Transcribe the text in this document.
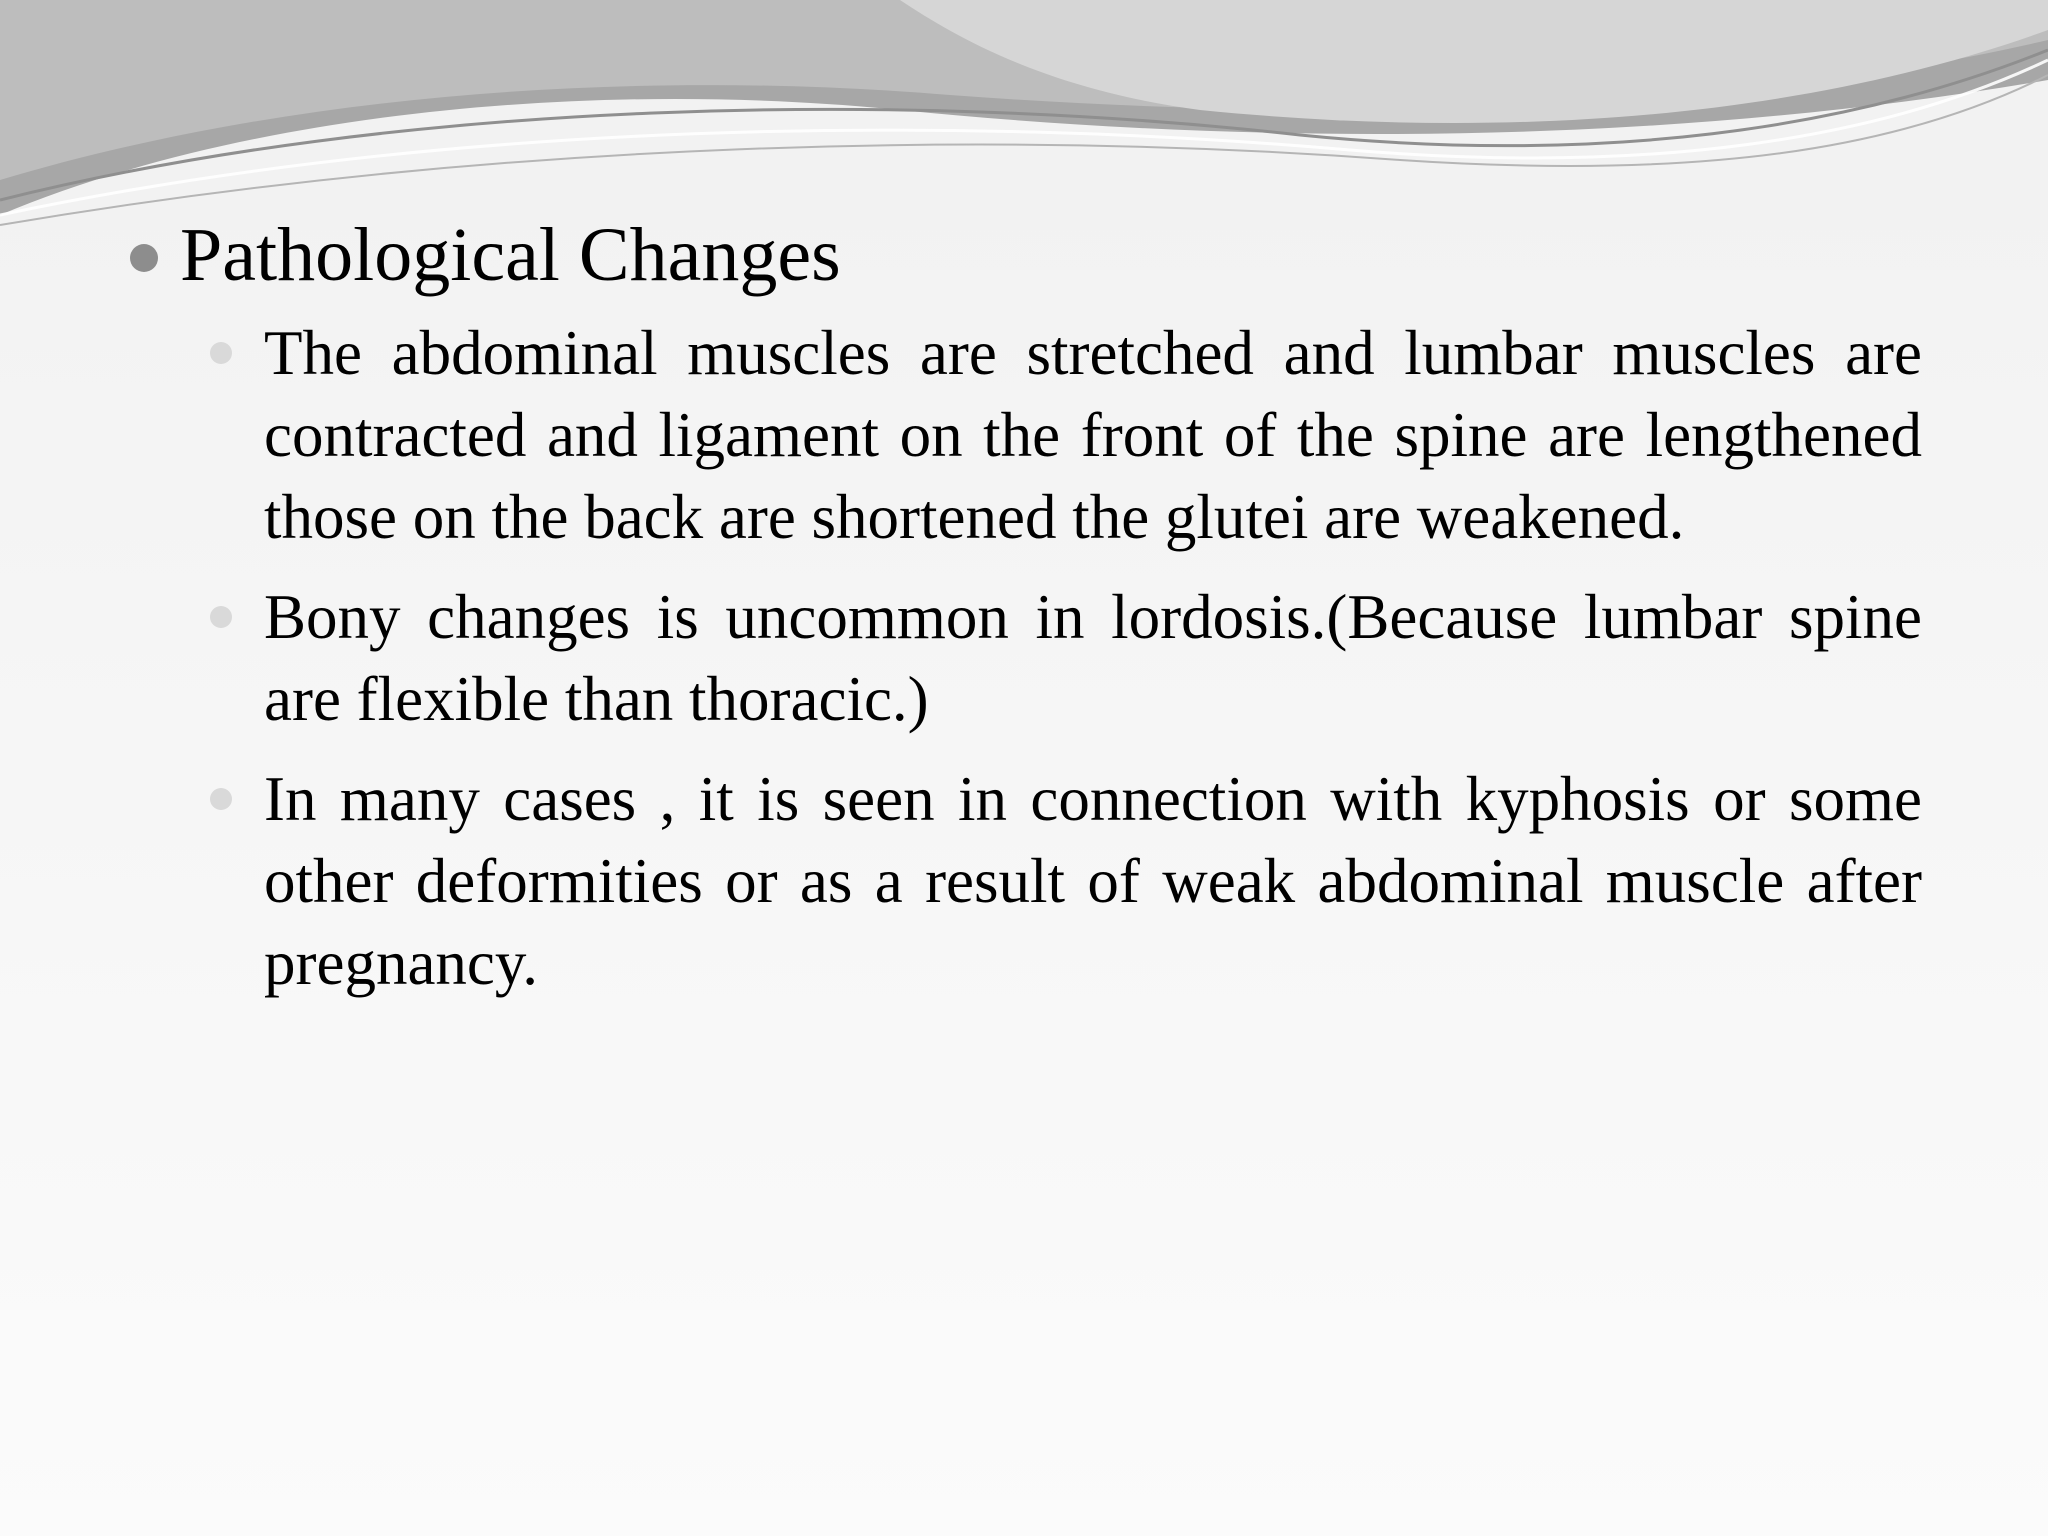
Pathological Changes
The abdominal muscles are stretched and lumbar muscles are contracted and ligament on the front of the spine are lengthened those on the back are shortened the glutei are weakened.
Bony changes is uncommon in lordosis.(Because lumbar spine are flexible than thoracic.)
In many cases , it is seen in connection with kyphosis or some other deformities or as a result of weak abdominal muscle after pregnancy.
